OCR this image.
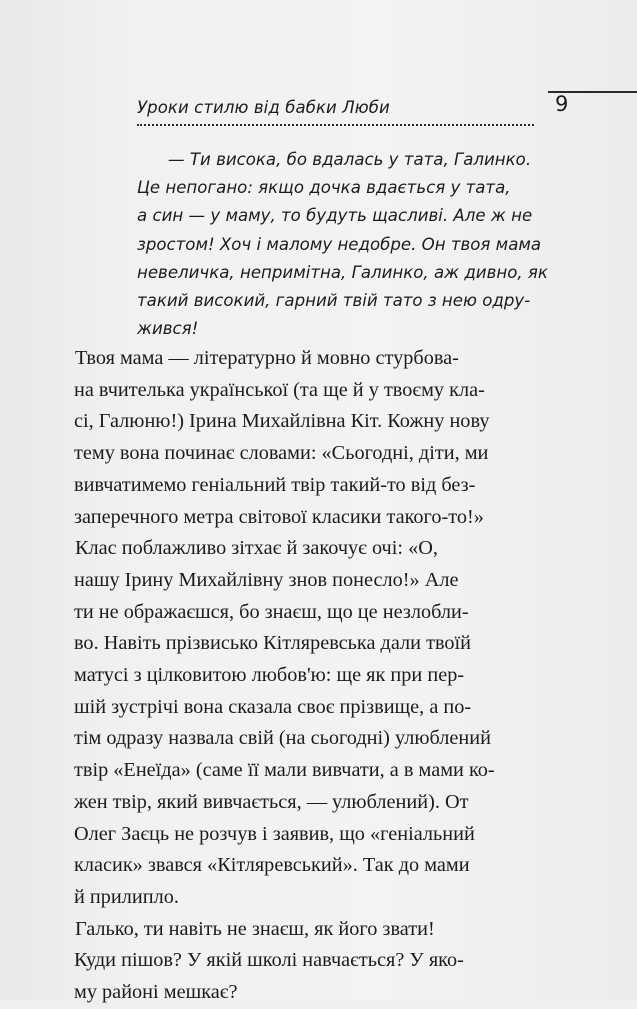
Уроки стилю від бабки Люби	9
— Ти висока, бо вдалась у тата, Галинко.
Це непогано: якщо дочка вдається у тата,
а син — у маму, то будуть щасливі. Але ж не
зростом! Хоч і малому недобре. Он твоя мама
невеличка, непримітна, Галинко, аж дивно, як
такий високий, гарний твій тато з нею одру-
жився!
Твоя мама — літературно й мовно стурбова-
на вчителька української (та ще й у твоєму кла-
сі, Галюню!) Ірина Михайлівна Кіт. Кожну нову
тему вона починає словами: «Сьогодні, діти, ми
вивчатимемо геніальний твір такий-то від без-
заперечного метра світової класики такого-то!»
Клас поблажливо зітхає й закочує очі: «О,
нашу Ірину Михайлівну знов понесло!» Але
ти не ображаєшся, бо знаєш, що це незлобли-
во. Навіть прізвисько Кітляревська дали твоїй
матусі з цілковитою любов'ю: ще як при пер-
шій зустрічі вона сказала своє прізвище, а по-
тім одразу назвала свій (на сьогодні) улюблений
твір «Енеїда» (саме її мали вивчати, а в мами ко-
жен твір, який вивчається, — улюблений). От
Олег Заєць не розчув і заявив, що «геніальний
класик» звався «Кітляревський». Так до мами
й прилипло.
Галько, ти навіть не знаєш, як його звати!
Куди пішов? У якій школі навчається? У яко-
му районі мешкає?
